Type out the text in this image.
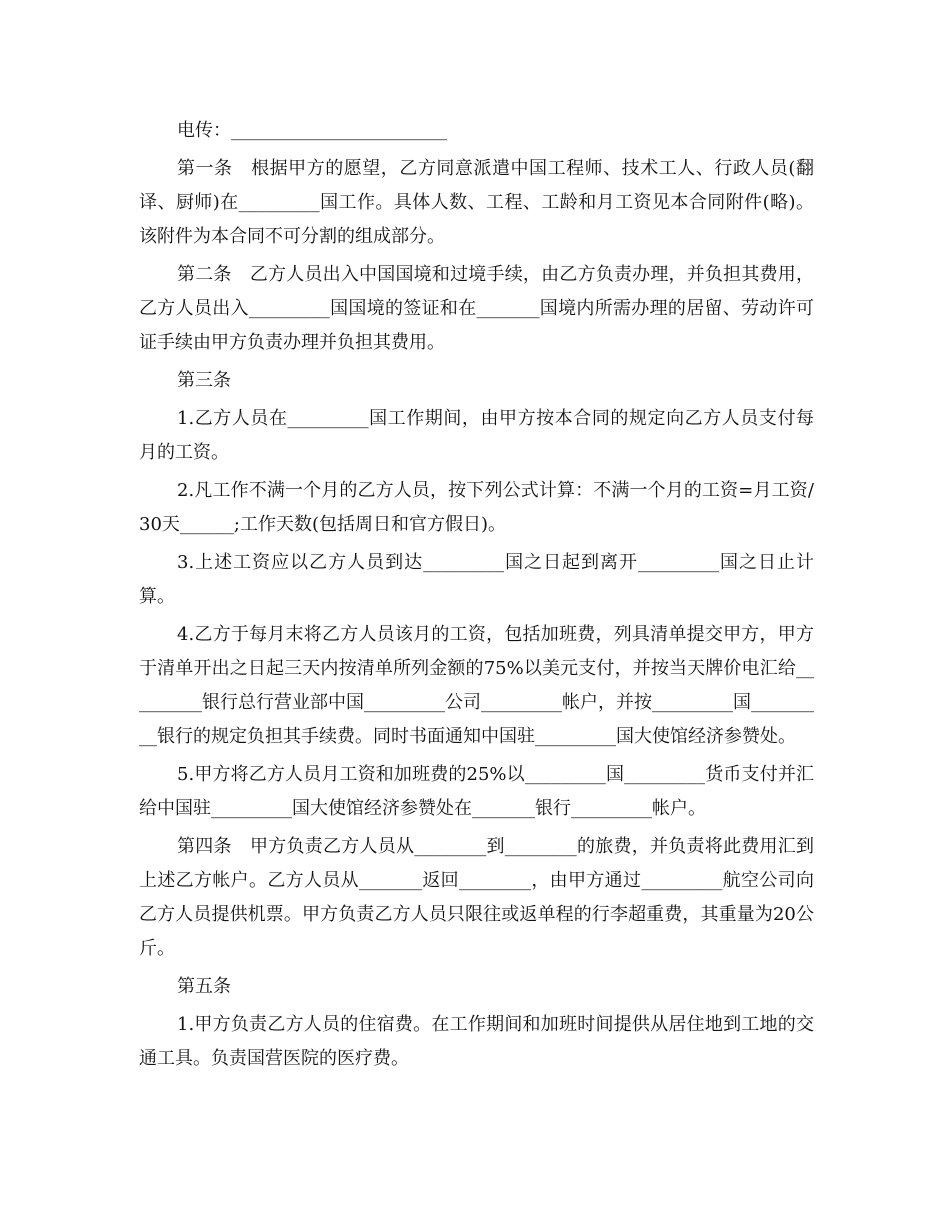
电传：________________________

第一条　根据甲方的愿望，乙方同意派遣中国工程师、技术工人、行政人员(翻译、厨师)在_________国工作。具体人数、工程、工龄和月工资见本合同附件(略)。该附件为本合同不可分割的组成部分。

第二条　乙方人员出入中国国境和过境手续，由乙方负责办理，并负担其费用，乙方人员出入_________国国境的签证和在_______国境内所需办理的居留、劳动许可证手续由甲方负责办理并负担其费用。

第三条

1.乙方人员在_________国工作期间，由甲方按本合同的规定向乙方人员支付每月的工资。

2.凡工作不满一个月的乙方人员，按下列公式计算：不满一个月的工资=月工资/30天______;工作天数(包括周日和官方假日)。

3.上述工资应以乙方人员到达_________国之日起到离开_________国之日止计算。

4.乙方于每月末将乙方人员该月的工资，包括加班费，列具清单提交甲方，甲方于清单开出之日起三天内按清单所列金额的75%以美元支付，并按当天牌价电汇给_________银行总行营业部中国_________公司_________帐户，并按_________国_________银行的规定负担其手续费。同时书面通知中国驻_________国大使馆经济参赞处。

5.甲方将乙方人员月工资和加班费的25%以_________国_________货币支付并汇给中国驻_________国大使馆经济参赞处在_______银行_________帐户。

第四条　甲方负责乙方人员从________到________的旅费，并负责将此费用汇到上述乙方帐户。乙方人员从_______返回________，由甲方通过_________航空公司向乙方人员提供机票。甲方负责乙方人员只限往或返单程的行李超重费，其重量为20公斤。

第五条

1.甲方负责乙方人员的住宿费。在工作期间和加班时间提供从居住地到工地的交通工具。负责国营医院的医疗费。
